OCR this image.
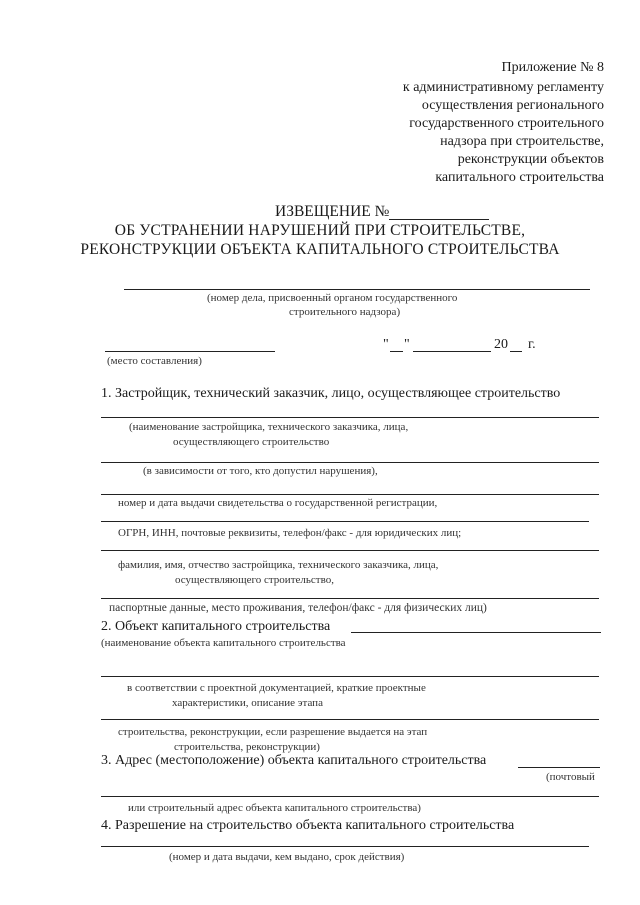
Приложение № 8
к административному регламенту
осуществления регионального
государственного строительного
надзора при строительстве,
реконструкции объектов
капитального строительства
ИЗВЕЩЕНИЕ №
ОБ УСТРАНЕНИИ НАРУШЕНИЙ ПРИ СТРОИТЕЛЬСТВЕ,
РЕКОНСТРУКЦИИ ОБЪЕКТА КАПИТАЛЬНОГО СТРОИТЕЛЬСТВА
(номер дела, присвоенный органом государственного
строительного надзора)
" "	20 г.
(место составления)
1. Застройщик, технический заказчик, лицо, осуществляющее строительство
(наименование застройщика, технического заказчика, лица,
осуществляющего строительство
(в зависимости от того, кто допустил нарушения),
номер и дата выдачи свидетельства о государственной регистрации,
ОГРН, ИНН, почтовые реквизиты, телефон/факс - для юридических лиц;
фамилия, имя, отчество застройщика, технического заказчика, лица,
осуществляющего строительство,
паспортные данные, место проживания, телефон/факс - для физических лиц)
2. Объект капитального строительства
(наименование объекта капитального строительства
в соответствии с проектной документацией, краткие проектные
характеристики, описание этапа
строительства, реконструкции, если разрешение выдается на этап
строительства, реконструкции)
3. Адрес (местоположение) объекта капитального строительства
(почтовый
или строительный адрес объекта капитального строительства)
4. Разрешение на строительство объекта капитального строительства
(номер и дата выдачи, кем выдано, срок действия)
